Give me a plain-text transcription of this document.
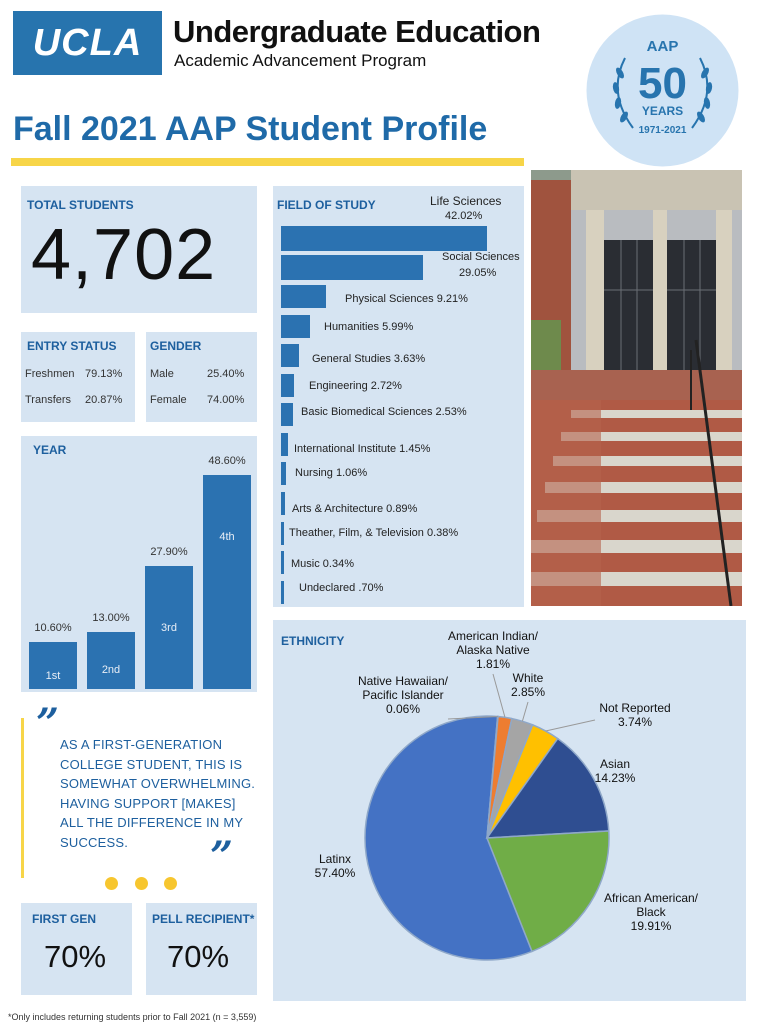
UCLA Undergraduate Education
Academic Advancement Program
AAP
50
YEARS
1971-2021
Fall 2021 AAP Student Profile
TOTAL STUDENTS
4,702
ENTRY STATUS
Freshmen 79.13%
Transfers 20.87%
GENDER
Male	25.40%
Female 74.00%
YEAR
10.60%
13.00%
27.90%
48.60%
1st	2nd
3rd
4th
FIELD OF STUDY	Life Sciences
42.02%
Social Sciences
29.05%
Physical Sciences 9.21%
Humanities 5.99%
General Studies 3.63%
Engineering 2.72%
Basic Biomedical Sciences 2.53%
International Institute 1.45%
Nursing 1.06%
Arts & Architecture 0.89%
Theather, Film, & Television 0.38%
Music 0.34%
Undeclared .70%
” AS A FIRST-GENERATION COLLEGE STUDENT, THIS IS SOMEWHAT OVERWHELMING. HAVING SUPPORT [MAKES] ALL THE DIFFERENCE IN MY SUCCESS.	”
FIRST GEN
70%
PELL RECIPIENT*
70%
ETHNICITY
Latinx 57.40%
Native Hawaiian/ Pacific Islander 0.06%
American Indian/ Alaska Native 1.81%
White 2.85%
Not Reported 3.74%
Asian 14.23%
African American/ Black 19.91%
*Only includes returning students prior to Fall 2021 (n = 3,559)
